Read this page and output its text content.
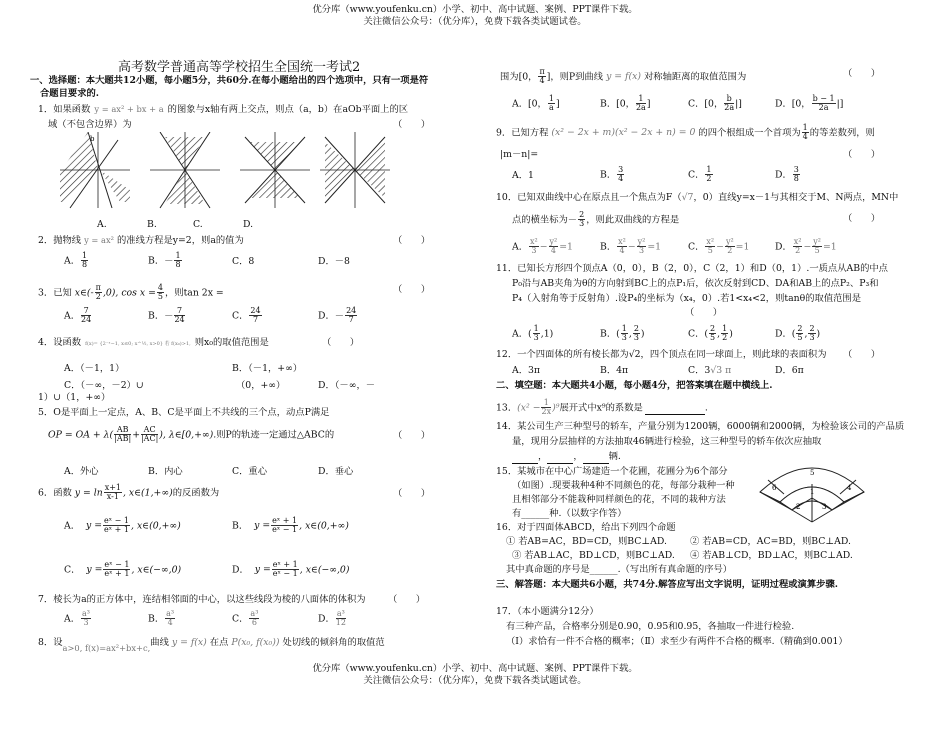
优分库（www.youfenku.cn）小学、初中、高中试题、案例、PPT课件下载。
关注微信公众号：（优分库），免费下载各类试题试卷。
高考数学普通高等学校招生全国统一考试2
一、选择题：本大题共12小题，每小题5分，共60分.在每小题给出的四个选项中，只有一项是符
合题目要求的.
1．如果函数 y = ax² + bx + a 的图象与x轴有两上交点，则点（a，b）在aOb平面上的区
域（不包含边界）为	（　　）
b
A.	B.	C.	D.
2．抛物线 y = ax² 的准线方程是y=2，则a的值为	（　　）
A． $\frac{1}{8}$	B．－ $\frac{1}{8}$	C．8	D．－8
3．已知 x∈(- $\frac{\pi}{2} ,0$), $\cos x = \frac{4}{5}$ ，则tan 2x =	（　　）
A． $\frac{7}{24}$	B．－ $\frac{7}{24}$	C． $\frac{24}{7}$	D．－ $\frac{24}{7}$
4．设函数 f(x)= {2⁻ˣ−1, x≤0; x^½, x>0} 若 f(x₀)>1, 则x₀的取值范围是	（　　）
A．（－1，1）	B．（－1，+∞）
C．（－∞，－2）∪	（0，+∞）	D．（－∞，－
1）∪（1，+∞）
5．O是平面上一定点，A、B、C是平面上不共线的三个点，动点P满足
OP = OA + $\lambda( \frac{AB}{|AB|} + \frac{AC}{|AC|}$ ), λ∈[0,+∞).则P的轨迹一定通过△ABC的	（　　）
A．外心	B．内心	C．重心	D．垂心
6．函数 $y = \ln \frac{x+1}{x-1}$ , x∈(1,+∞)的反函数为	（　　）
A． $y = \frac{\text{eˣ − 1}}{\text{eˣ + 1}}$ , x∈(0,+∞)	B． $y = \frac{\text{eˣ + 1}}{\text{eˣ − 1}}$ , x∈(0,+∞)
C． $y = \frac{\text{eˣ − 1}}{\text{eˣ + 1}}$ , x∈(−∞,0)	D． $y = \frac{\text{eˣ + 1}}{\text{eˣ − 1}}$ , x∈(−∞,0)
7．棱长为a的正方体中，连结相邻面的中心，以这些线段为棱的八面体的体积为 （　　）
A． $\frac{\text{a³}}{3}$	B． $\frac{\text{a³}}{4}$	C． $\frac{\text{a³}}{6}$	D． $\frac{\text{a³}}{12}$
8．设a>0, f(x)=ax²+bx+c,曲线 y = f(x) 在点 P(x₀, f(x₀)) 处切线的倾斜角的取值范
围为[0， $\frac{\pi}{4}$ ]，则P到曲线 y = f(x) 对称轴距离的取值范围为	（　　）
A．[0， $\frac{1}{a}$ ]	B．[0， $\frac{1}{2a}$ ]	C．[0， $\frac{b}{2a}$ |]	D．[0， $\frac{b - 1}{2a}$ |]
9．已知方程 (x² − 2x + m)(x² − 2x + n) = 0 的四个根组成一个首项为 $\frac{1}{4}$ 的等差数列，则
|m－n|=	（　　）
A．1	B． $\frac{3}{4}$	C． $\frac{1}{2}$	D． $\frac{3}{8}$
10．已知双曲线中心在原点且一个焦点为F（√7，0）直线y=x－1与其相交于M、N两点，MN中
点的横坐标为－ $\frac{2}{3}$ ，则此双曲线的方程是	（　　）
A． $\frac{\text{x²}}{3} - \frac{\text{y²}}{4} =1$	B． $\frac{\text{x²}}{4} - \frac{\text{y²}}{3} =1$	C． $\frac{\text{x²}}{5} - \frac{\text{y²}}{2} =1$	D． $\frac{\text{x²}}{2} - \frac{\text{y²}}{5} =1$
11．已知长方形四个顶点A（0，0），B（2，0），C（2，1）和D（0，1）.一质点从AB的中点
P₀沿与AB夹角为θ的方向射到BC上的点P₁后，依次反射到CD、DA和AB上的点P₂、P₃和
P₄（入射角等于反射角）.设P₄的坐标为（x₄，0）.若1<x₄<2，则tanθ的取值范围是
（　　）
A．( $\frac{1}{3} ,1$)	B．( $\frac{1}{3}$ , $\frac{2}{3}$ )	C．( $\frac{2}{5}$ , $\frac{1}{2}$ )	D．( $\frac{2}{5}$ , $\frac{2}{3}$ )
12．一个四面体的所有棱长都为√2，四个顶点在同一球面上，则此球的表面积为 （　　）
A．3π	B．4π	C．3√3 π	D．6π
二、填空题：本大题共4小题，每小题4分，把答案填在题中横线上.
13．$(x^2 - \frac{1}{2x} )^9$展开式中x⁹的系数是	.
14．某公司生产三种型号的轿车，产量分别为1200辆，6000辆和2000辆，为检验该公司的产品质
量，现用分层抽样的方法抽取46辆进行检验，这三种型号的轿车依次应抽取
，	，	辆.
15．某城市在中心广场建造一个花圃，花圃分为6个部分
（如图）.现要栽种4种不同颜色的花，每部分栽种一种
且相邻部分不能栽种同样颜色的花，不同的栽种方法
有______种.（以数字作答）
5
6	4
1
2	3
16．对于四面体ABCD，给出下列四个命题
① 若AB=AC，BD=CD，则BC⊥AD. ② 若AB=CD，AC=BD，则BC⊥AD.
③ 若AB⊥AC，BD⊥CD，则BC⊥AD. ④ 若AB⊥CD，BD⊥AC，则BC⊥AD.
其中真命题的序号是______.（写出所有真命题的序号）
三、解答题：本大题共6小题，共74分.解答应写出文字说明，证明过程或演算步骤.
17．（本小题满分12分）
有三种产品，合格率分别是0.90，0.95和0.95，各抽取一件进行检验.
（Ⅰ）求恰有一件不合格的概率；（Ⅱ）求至少有两件不合格的概率.（精确到0.001）
优分库（www.youfenku.cn）小学、初中、高中试题、案例、PPT课件下载。
关注微信公众号：（优分库），免费下载各类试题试卷。
